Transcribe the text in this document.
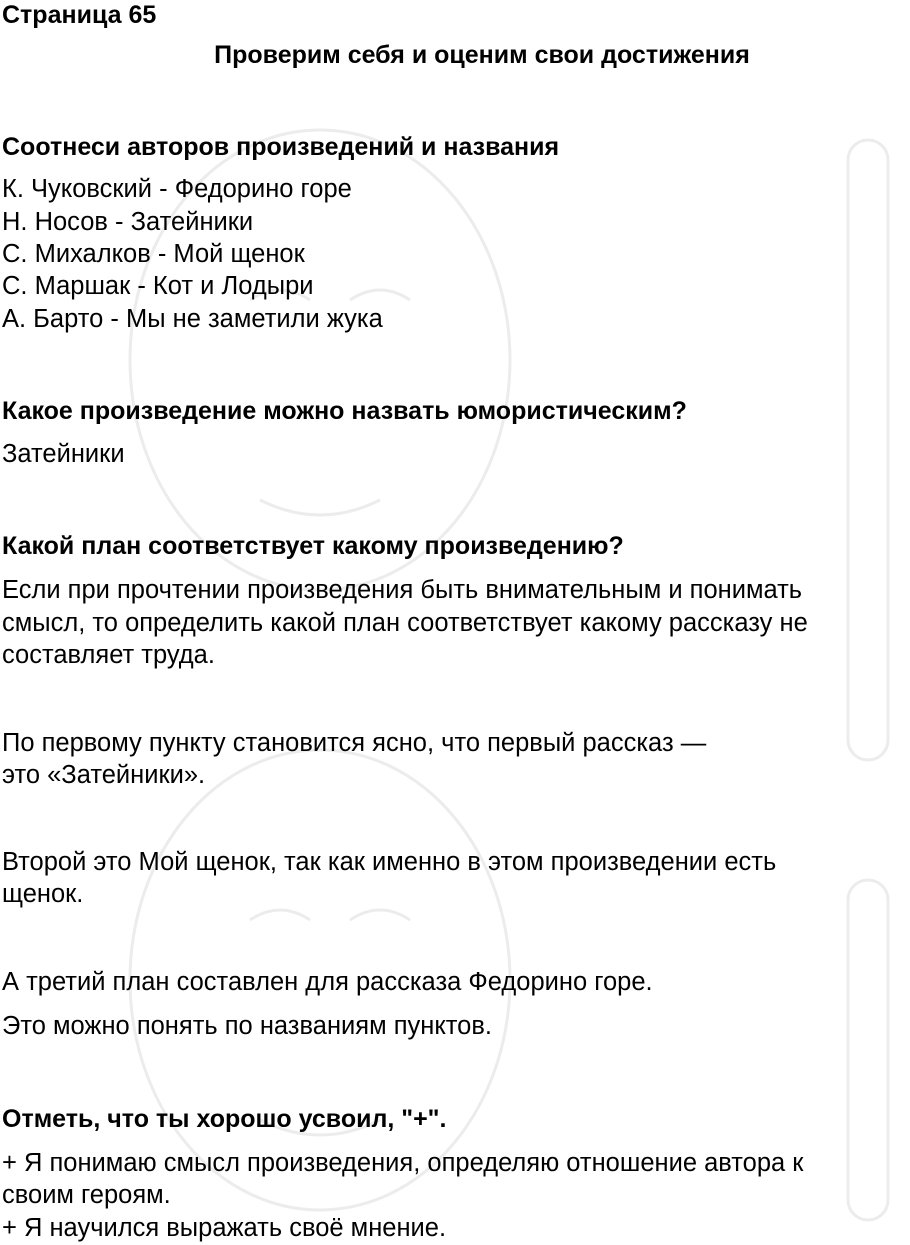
Страница 65

Проверим себя и оценим свои достижения

Соотнеси авторов произведений и названия

К. Чуковский - Федорино горе

Н. Носов - Затейники

С. Михалков - Мой щенок

С. Маршак - Кот и Лодыри

А. Барто - Мы не заметили жука

Какое произведение можно назвать юмористическим?

Затейники

Какой план соответствует какому произведению?

Если при прочтении произведения быть внимательным и понимать

смысл, то определить какой план соответствует какому рассказу не

составляет труда.

По первому пункту становится ясно, что первый рассказ —

это «Затейники».

Второй это Мой щенок, так как именно в этом произведении есть

щенок.

А третий план составлен для рассказа Федорино горе.

Это можно понять по названиям пунктов.

Отметь, что ты хорошо усвоил, "+".

+ Я понимаю смысл произведения, определяю отношение автора к

своим героям.

+ Я научился выражать своё мнение.
